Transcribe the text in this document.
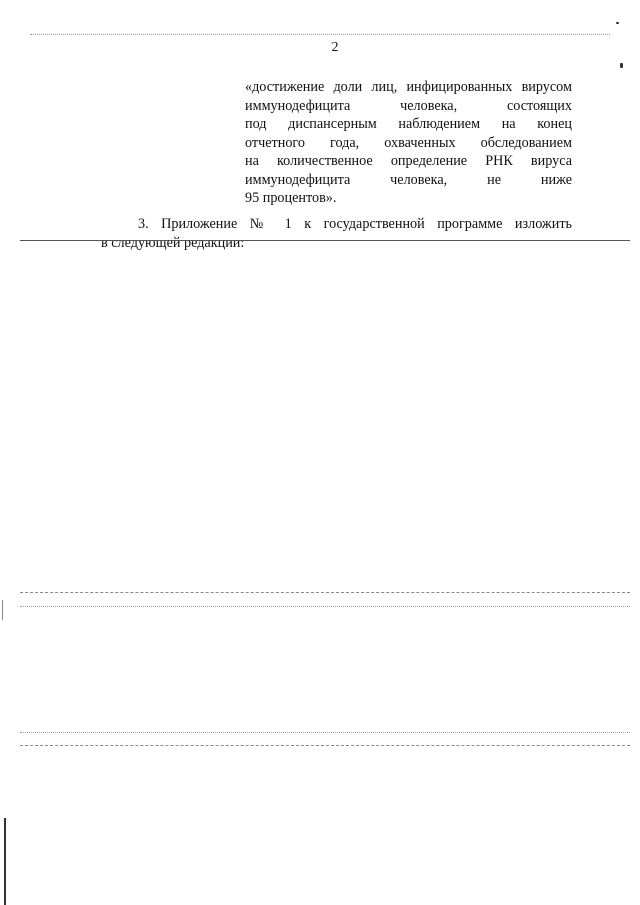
2
«достижение доли лиц, инфицированных вирусом
иммунодефицита человека, состоящих
под диспансерным наблюдением на конец
отчетного года, охваченных обследованием
на количественное определение РНК вируса
иммунодефицита человека, не ниже
95 процентов».
3. Приложение № 1 к государственной программе изложить
в следующей редакции:
